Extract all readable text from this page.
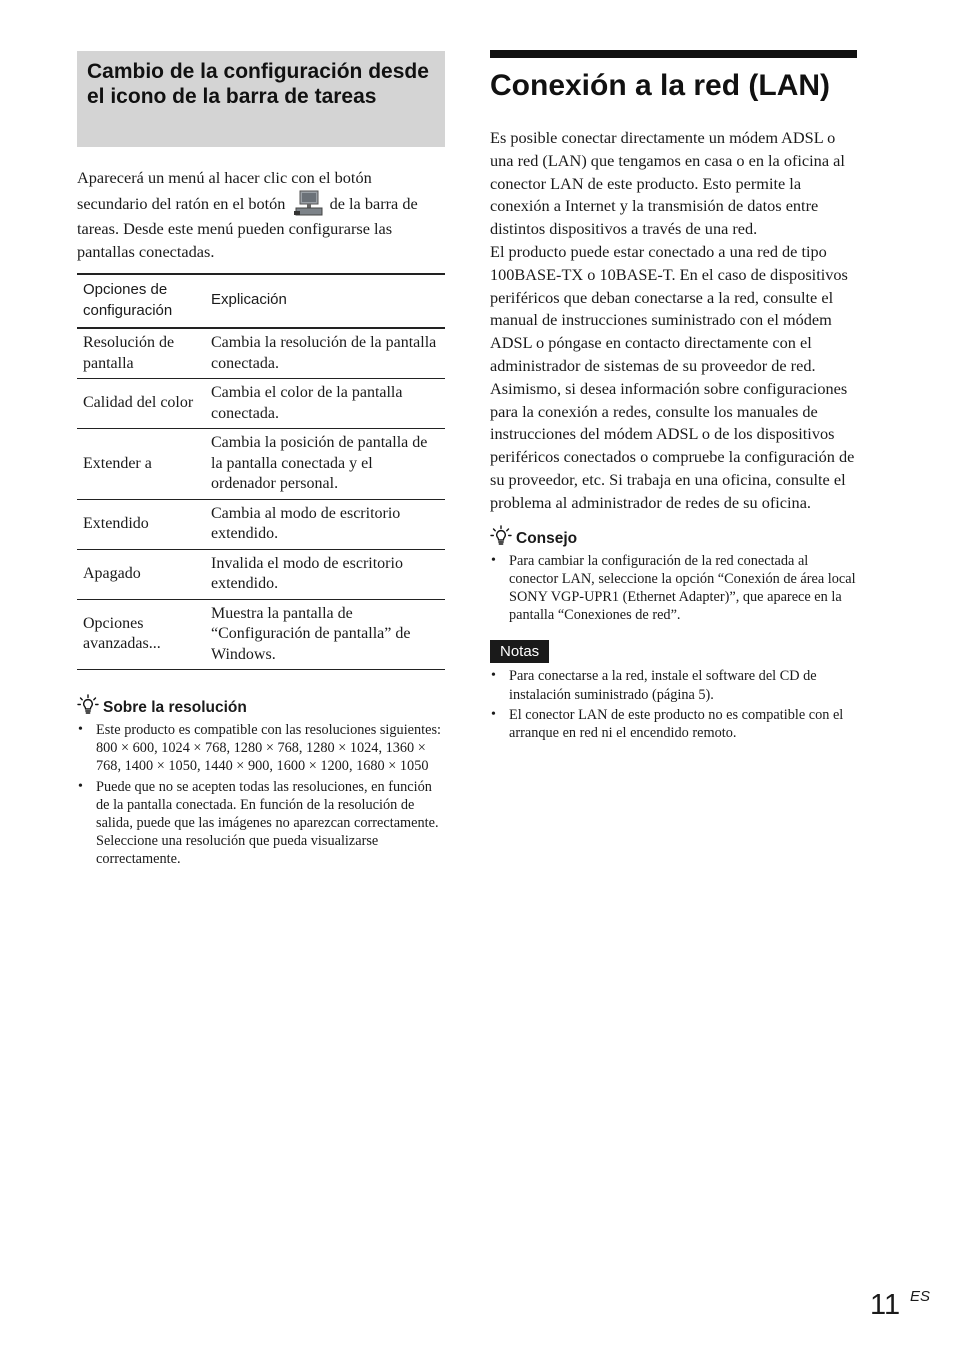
Cambio de la configuración desde el icono de la barra de tareas

Aparecerá un menú al hacer clic con el botón secundario del ratón en el botón	de la barra de tareas. Desde este menú pueden configurarse las pantallas conectadas.

Opciones de configuración	Explicación
Resolución de pantalla	Cambia la resolución de la pantalla conectada.
Calidad del color	Cambia el color de la pantalla conectada.
Extender a	Cambia la posición de pantalla de la pantalla conectada y el ordenador personal.
Extendido	Cambia al modo de escritorio extendido.
Apagado	Invalida el modo de escritorio extendido.
Opciones avanzadas...	Muestra la pantalla de “Configuración de pantalla” de Windows.
Sobre la resolución
• Este producto es compatible con las resoluciones siguientes:
800 × 600, 1024 × 768, 1280 × 768, 1280 × 1024, 1360 × 768, 1400 × 1050, 1440 × 900, 1600 × 1200, 1680 × 1050
• Puede que no se acepten todas las resoluciones, en función de la pantalla conectada. En función de la resolución de salida, puede que las imágenes no aparezcan correctamente. Seleccione una resolución que pueda visualizarse correctamente.
Conexión a la red (LAN)

Es posible conectar directamente un módem ADSL o una red (LAN) que tengamos en casa o en la oficina al conector LAN de este producto. Esto permite la conexión a Internet y la transmisión de datos entre distintos dispositivos a través de una red.

El producto puede estar conectado a una red de tipo 100BASE-TX o 10BASE-T. En el caso de dispositivos periféricos que deban conectarse a la red, consulte el manual de instrucciones suministrado con el módem ADSL o póngase en contacto directamente con el administrador de sistemas de su proveedor de red.

Asimismo, si desea información sobre configuraciones para la conexión a redes, consulte los manuales de instrucciones del módem ADSL o de los dispositivos periféricos conectados o compruebe la configuración de su proveedor, etc. Si trabaja en una oficina, consulte el problema al administrador de redes de su oficina.

Consejo
• Para cambiar la configuración de la red conectada al conector LAN, seleccione la opción “Conexión de área local SONY VGP-UPR1 (Ethernet Adapter)”, que aparece en la pantalla “Conexiones de red”.
Notas
• Para conectarse a la red, instale el software del CD de instalación suministrado (página 5).
• El conector LAN de este producto no es compatible con el arranque en red ni el encendido remoto.
11 ES
